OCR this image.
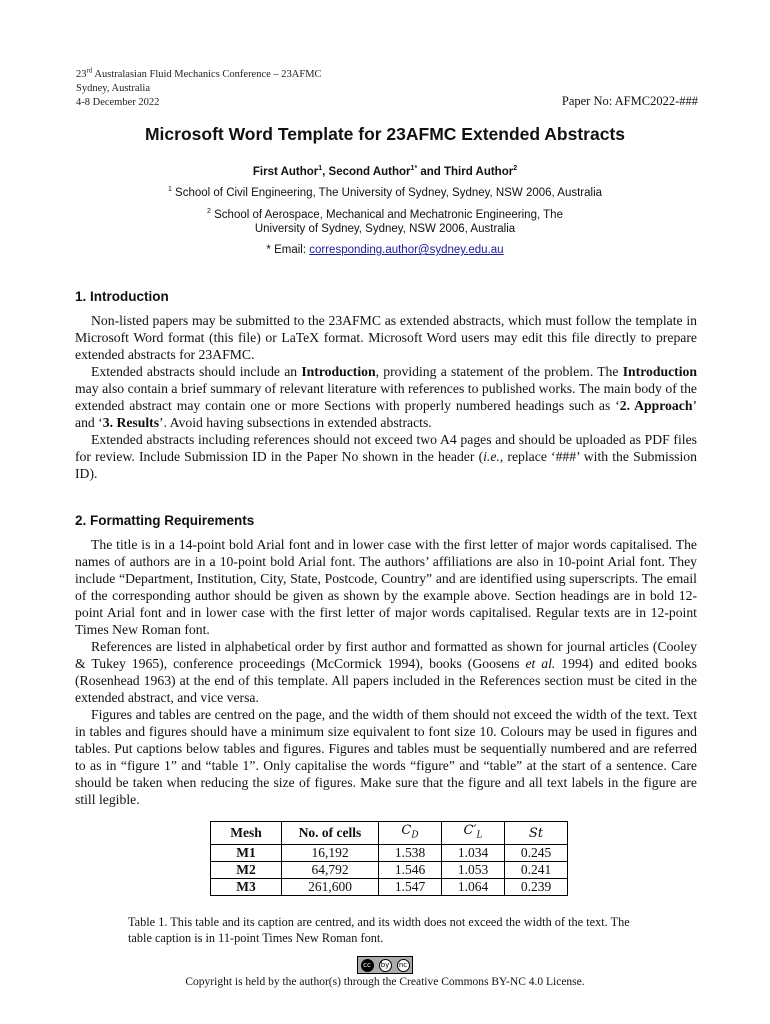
23rd Australasian Fluid Mechanics Conference – 23AFMC
Sydney, Australia
4-8 December 2022	Paper No: AFMC2022-###
Microsoft Word Template for 23AFMC Extended Abstracts
First Author$^1$, Second Author$^{1*}$ and Third Author$^2$
$^1$ School of Civil Engineering, The University of Sydney, Sydney, NSW 2006, Australia
$^2$ School of Aerospace, Mechanical and Mechatronic Engineering, The
University of Sydney, Sydney, NSW 2006, Australia
* Email: corresponding.author@sydney.edu.au
1. Introduction

Non-listed papers may be submitted to the 23AFMC as extended abstracts, which must follow the template in Microsoft Word format (this file) or LaTeX format. Microsoft Word users may edit this file directly to prepare extended abstracts for 23AFMC.

Extended abstracts should include an Introduction, providing a statement of the problem. The Introduction may also contain a brief summary of relevant literature with references to published works. The main body of the extended abstract may contain one or more Sections with properly numbered headings such as ‘2. Approach’ and ‘3. Results’. Avoid having subsections in extended abstracts.

Extended abstracts including references should not exceed two A4 pages and should be uploaded as PDF files for review. Include Submission ID in the Paper No shown in the header (i.e., replace ‘###’ with the Submission ID).

2. Formatting Requirements

The title is in a 14-point bold Arial font and in lower case with the first letter of major words capitalised. The names of authors are in a 10-point bold Arial font. The authors’ affiliations are also in 10-point Arial font. They include “Department, Institution, City, State, Postcode, Country” and are identified using superscripts. The email of the corresponding author should be given as shown by the example above. Section headings are in bold 12-point Arial font and in lower case with the first letter of major words capitalised. Regular texts are in 12-point Times New Roman font.

References are listed in alphabetical order by first author and formatted as shown for journal articles (Cooley & Tukey 1965), conference proceedings (McCormick 1994), books (Goosens et al. 1994) and edited books (Rosenhead 1963) at the end of this template. All papers included in the References section must be cited in the extended abstract, and vice versa.

Figures and tables are centred on the page, and the width of them should not exceed the width of the text. Text in tables and figures should have a minimum size equivalent to font size 10. Colours may be used in figures and tables. Put captions below tables and figures. Figures and tables must be sequentially numbered and are referred to as in “figure 1” and “table 1”. Only capitalise the words “figure” and “table” at the start of a sentence. Care should be taken when reducing the size of figures. Make sure that the figure and all text labels in the figure are still legible.

Mesh	No. of cells	$C_D$	$C'_L$	St
M1	16,192	1.538	1.034	0.245
M2	64,792	1.546	1.053	0.241
M3	261,600	1.547	1.064	0.239
Table 1. This table and its caption are centred, and its width does not exceed the width of the text. The table caption is in 11-point Times New Roman font.
cc	by	nc
Copyright is held by the author(s) through the Creative Commons BY-NC 4.0 License.
